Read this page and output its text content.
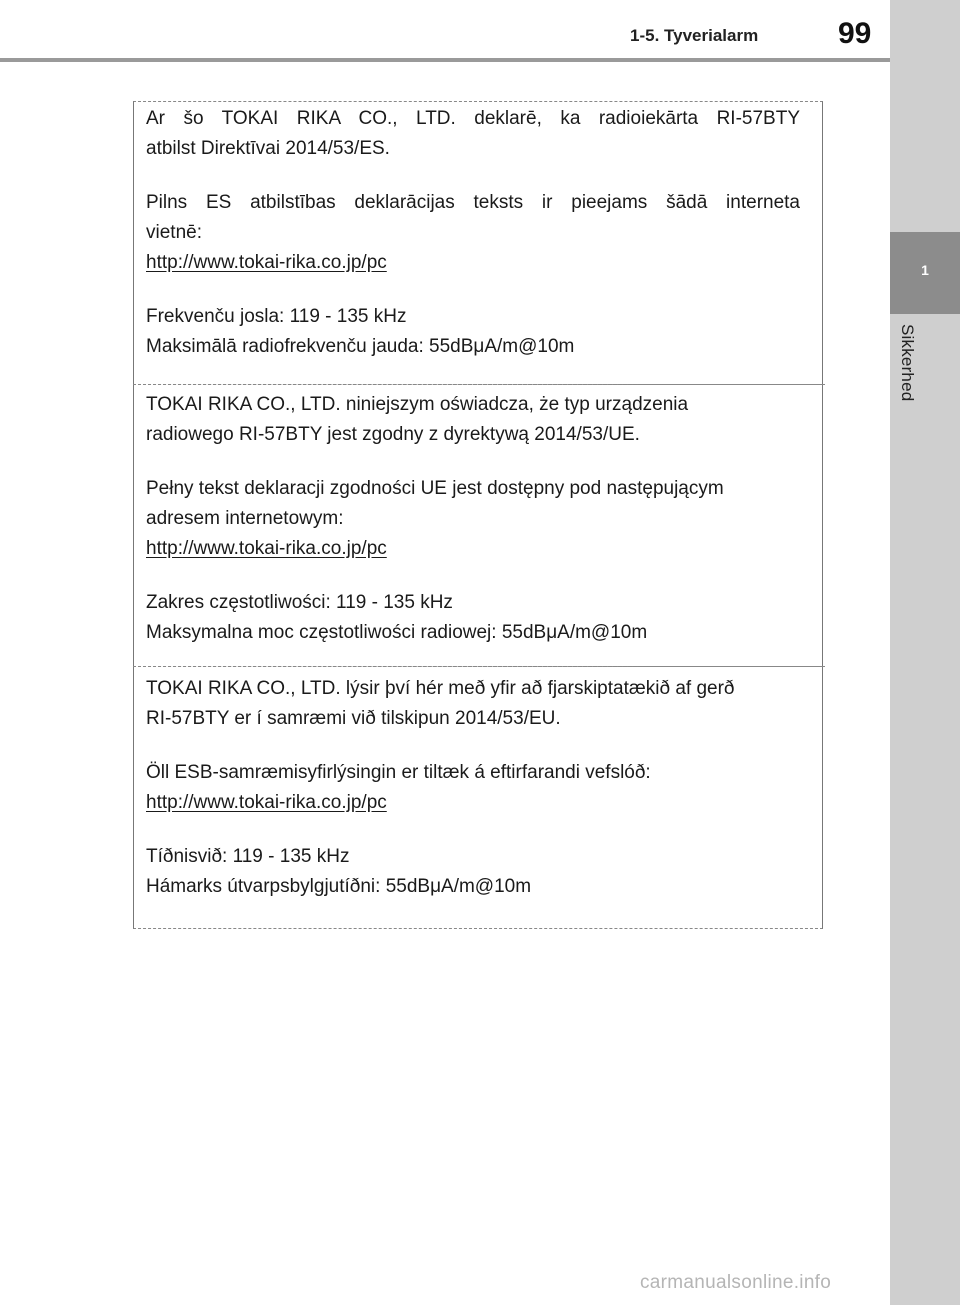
1-5. Tyverialarm	99
1
Sikkerhed

Ar šo TOKAI RIKA CO., LTD. deklarē, ka radioiekārta RI-57BTY

atbilst Direktīvai 2014/53/ES.

Pilns ES atbilstības deklarācijas teksts ir pieejams šādā interneta

vietnē:

http://www.tokai-rika.co.jp/pc

Frekvenču josla: 119 - 135 kHz

Maksimālā radiofrekvenču jauda: 55dBμA/m@10m

TOKAI RIKA CO., LTD. niniejszym oświadcza, że typ urządzenia

radiowego RI-57BTY jest zgodny z dyrektywą 2014/53/UE.

Pełny tekst deklaracji zgodności UE jest dostępny pod następującym

adresem internetowym:

http://www.tokai-rika.co.jp/pc

Zakres częstotliwości: 119 - 135 kHz

Maksymalna moc częstotliwości radiowej: 55dBμA/m@10m

TOKAI RIKA CO., LTD. lýsir því hér með yfir að fjarskiptatækið af gerð

RI-57BTY er í samræmi við tilskipun 2014/53/EU.

Öll ESB-samræmisyfirlýsingin er tiltæk á eftirfarandi vefslóð:

http://www.tokai-rika.co.jp/pc

Tíðnisvið: 119 - 135 kHz

Hámarks útvarpsbylgjutíðni: 55dBμA/m@10m

carmanualsonline.info
